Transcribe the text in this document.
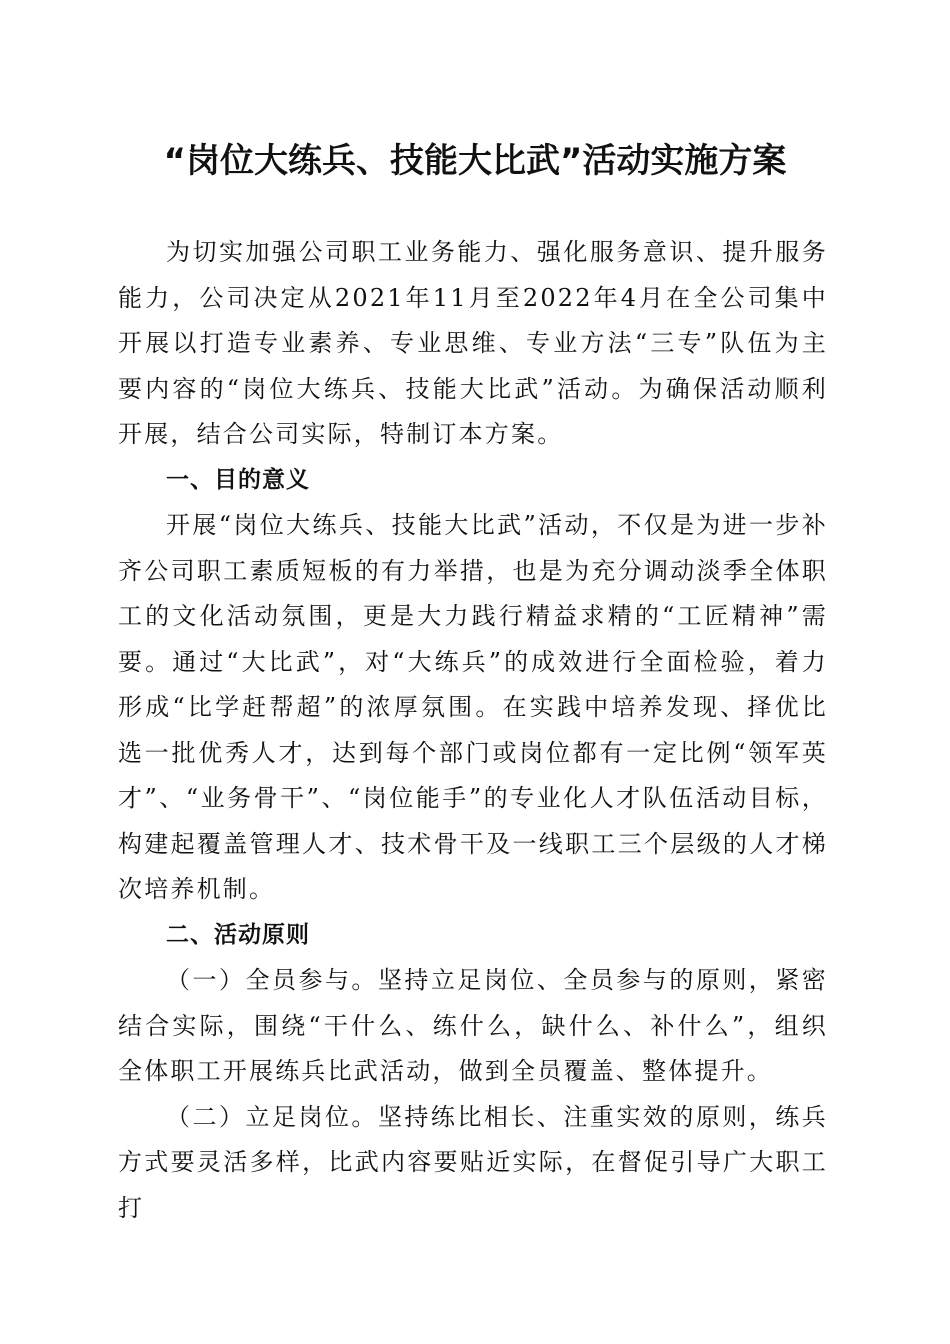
“岗位大练兵、技能大比武”活动实施方案

为切实加强公司职工业务能力、强化服务意识、提升服务能力，公司决定从2021年11月至2022年4月在全公司集中开展以打造专业素养、专业思维、专业方法“三专”队伍为主要内容的“岗位大练兵、技能大比武”活动。为确保活动顺利开展，结合公司实际，特制订本方案。

一、目的意义

开展“岗位大练兵、技能大比武”活动，不仅是为进一步补齐公司职工素质短板的有力举措，也是为充分调动淡季全体职工的文化活动氛围，更是大力践行精益求精的“工匠精神”需要。通过“大比武”，对“大练兵”的成效进行全面检验，着力形成“比学赶帮超”的浓厚氛围。在实践中培养发现、择优比选一批优秀人才，达到每个部门或岗位都有一定比例“领军英才”、“业务骨干”、“岗位能手”的专业化人才队伍活动目标，构建起覆盖管理人才、技术骨干及一线职工三个层级的人才梯次培养机制。

二、活动原则

（一）全员参与。坚持立足岗位、全员参与的原则，紧密结合实际，围绕“干什么、练什么，缺什么、补什么”，组织全体职工开展练兵比武活动，做到全员覆盖、整体提升。

（二）立足岗位。坚持练比相长、注重实效的原则，练兵方式要灵活多样，比武内容要贴近实际，在督促引导广大职工打
